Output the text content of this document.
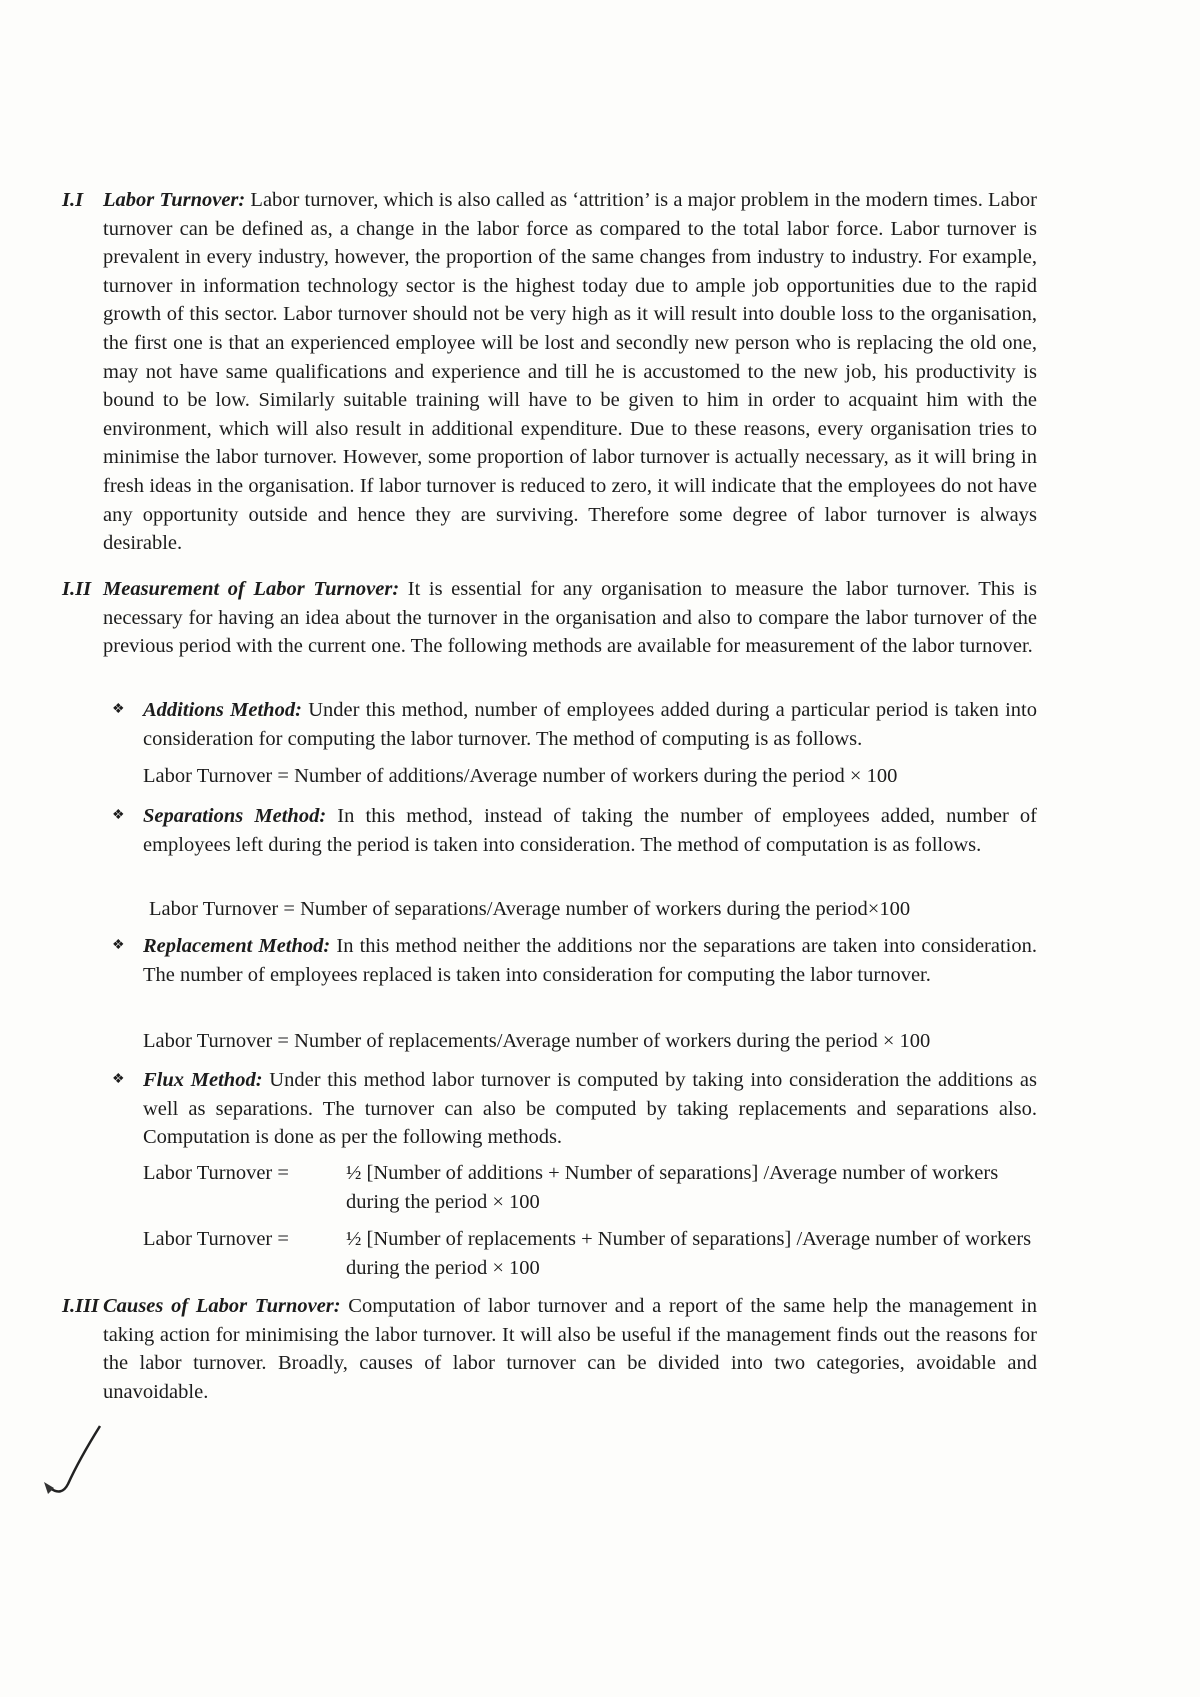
I.I Labor Turnover: Labor turnover, which is also called as ‘attrition’ is a major problem in the modern times. Labor turnover can be defined as, a change in the labor force as compared to the total labor force. Labor turnover is prevalent in every industry, however, the proportion of the same changes from industry to industry. For example, turnover in information technology sector is the highest today due to ample job opportunities due to the rapid growth of this sector. Labor turnover should not be very high as it will result into double loss to the organisation, the first one is that an experienced employee will be lost and secondly new person who is replacing the old one, may not have same qualifications and experience and till he is accustomed to the new job, his productivity is bound to be low. Similarly suitable training will have to be given to him in order to acquaint him with the environment, which will also result in additional expenditure. Due to these reasons, every organisation tries to minimise the labor turnover. However, some proportion of labor turnover is actually necessary, as it will bring in fresh ideas in the organisation. If labor turnover is reduced to zero, it will indicate that the employees do not have any opportunity outside and hence they are surviving. Therefore some degree of labor turnover is always desirable.
I.II Measurement of Labor Turnover: It is essential for any organisation to measure the labor turnover. This is necessary for having an idea about the turnover in the organisation and also to compare the labor turnover of the previous period with the current one. The following methods are available for measurement of the labor turnover.
❖ Additions Method: Under this method, number of employees added during a particular period is taken into consideration for computing the labor turnover. The method of computing is as follows.
Labor Turnover = Number of additions/Average number of workers during the period × 100
❖ Separations Method: In this method, instead of taking the number of employees added, number of employees left during the period is taken into consideration. The method of computation is as follows.
Labor Turnover = Number of separations/Average number of workers during the period×100
❖ Replacement Method: In this method neither the additions nor the separations are taken into consideration. The number of employees replaced is taken into consideration for computing the labor turnover.
Labor Turnover = Number of replacements/Average number of workers during the period × 100
❖ Flux Method: Under this method labor turnover is computed by taking into consideration the additions as well as separations. The turnover can also be computed by taking replacements and separations also. Computation is done as per the following methods.
Labor Turnover =	½ [Number of additions + Number of separations] /Average number of workers during the period × 100
Labor Turnover =	½ [Number of replacements + Number of separations] /Average number of workers during the period × 100
I.III Causes of Labor Turnover: Computation of labor turnover and a report of the same help the management in taking action for minimising the labor turnover. It will also be useful if the management finds out the reasons for the labor turnover. Broadly, causes of labor turnover can be divided into two categories, avoidable and unavoidable.
